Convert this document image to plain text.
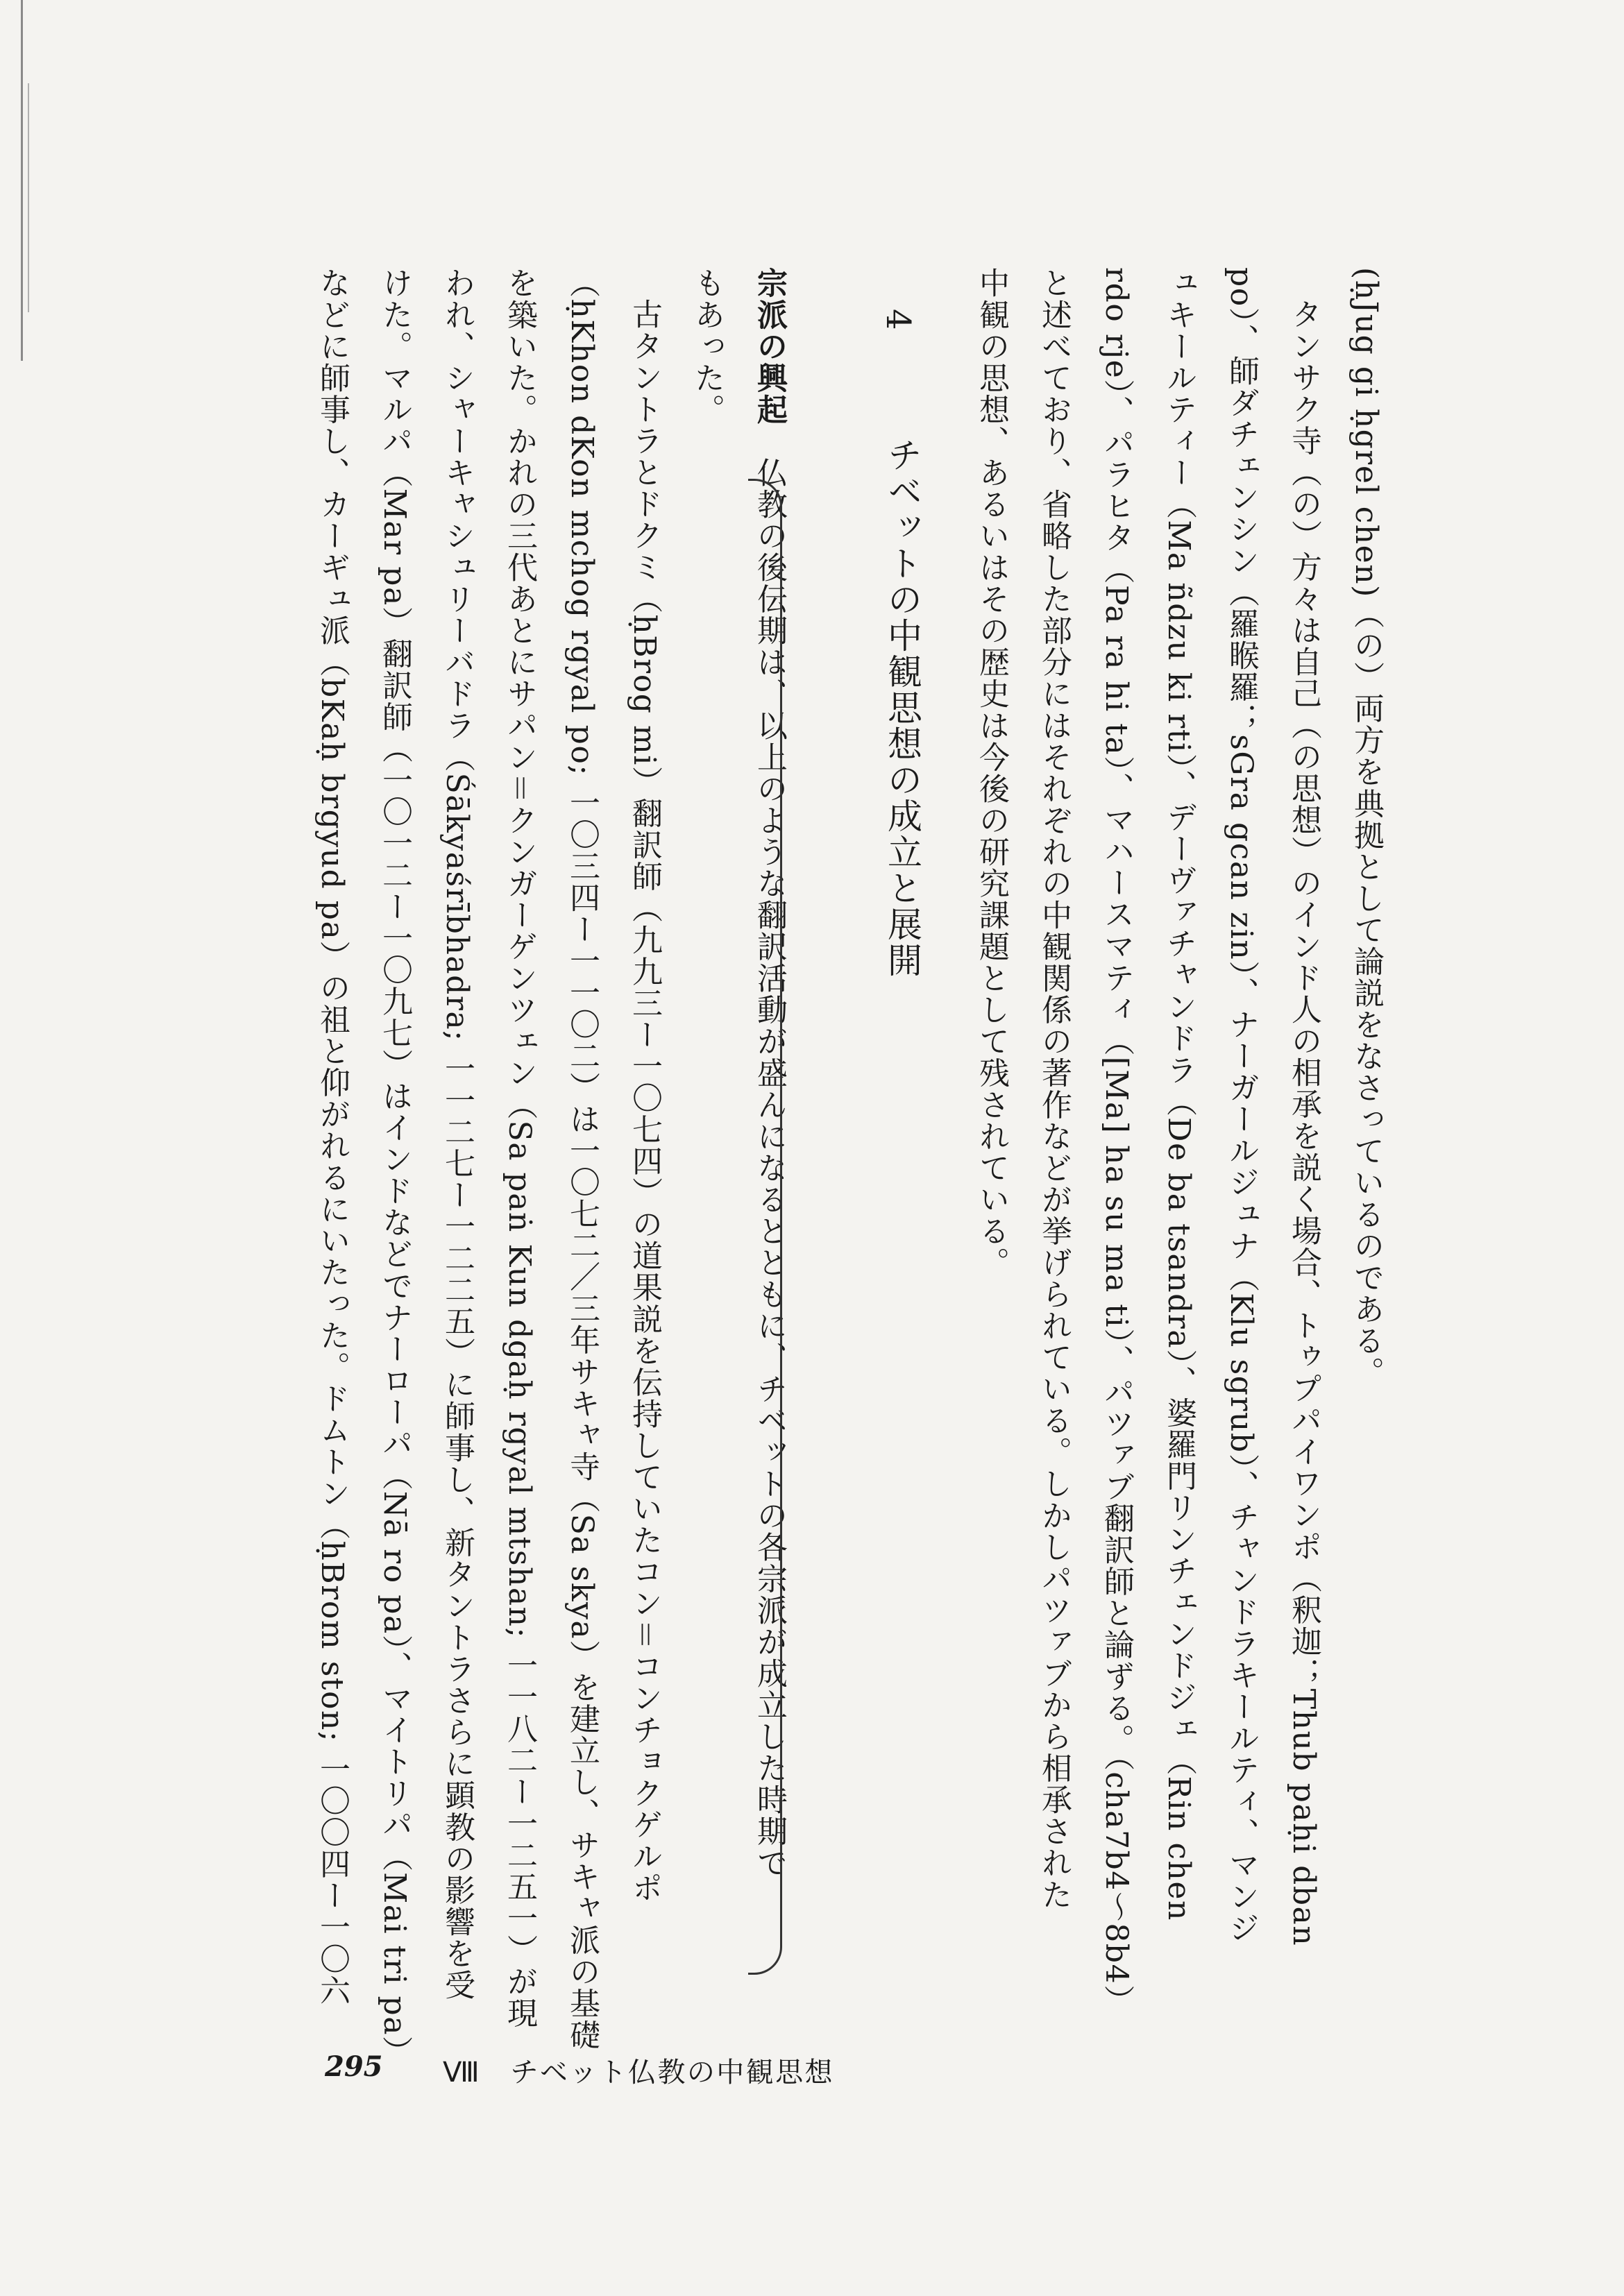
(ḥJug gi ḥgrel chen)（の）両方を典拠として論説をなさっているのである。
タンサク寺（の）方々は自己（の思想）のインド人の相承を説く場合、トゥプパイワンポ（釈迦；Thub paḥi dban
po）、師ダチェンシン（羅睺羅；sGra gcan zin）、ナーガールジュナ（Klu sgrub）、チャンドラキールティ、マンジ
ュキールティー（Ma ñdzu ki rti）、デーヴァチャンドラ（De ba tsandra）、婆羅門リンチェンドジェ（Rin chen
rdo rje）、パラヒタ（Pa ra hi ta）、マハースマティ（[Ma] ha su ma ti）、パツァブ翻訳師と論ずる。（cha7b4〜8b4）
と述べており、省略した部分にはそれぞれの中観関係の著作などが挙げられている。しかしパツァブから相承された
中観の思想、あるいはその歴史は今後の研究課題として残されている。
4
チベットの中観思想の成立と展開
宗派の興起　仏教の後伝期は、以上のような翻訳活動が盛んになるとともに、チベットの各宗派が成立した時期で
もあった。
古タントラとドクミ（ḥBrog mi）翻訳師（九九三ー一〇七四）の道果説を伝持していたコン＝コンチョクゲルポ
（ḥKhon dKon mchog rgyal po; 一〇三四ー一一〇二）は一〇七二／三年サキャ寺（Sa skya）を建立し、サキャ派の基礎
を築いた。かれの三代あとにサパン＝クンガーゲンツェン（Sa paṅ Kun dgaḥ rgyal mtshan; 一一八二ー一二五一）が現
われ、シャーキャシュリーバドラ（Śākyaśrībhadra; 一一二七ー一二二五）に師事し、新タントラさらに顕教の影響を受
けた。マルパ（Mar pa）翻訳師（一〇一二ー一〇九七）はインドなどでナーローパ（Nā ro pa）、マイトリパ（Mai tri pa）
などに師事し、カーギュ派（bKaḥ brgyud pa）の祖と仰がれるにいたった。ドムトン（ḥBrom ston; 一〇〇四ー一〇六
295 Ⅷ　チベット仏教の中観思想
